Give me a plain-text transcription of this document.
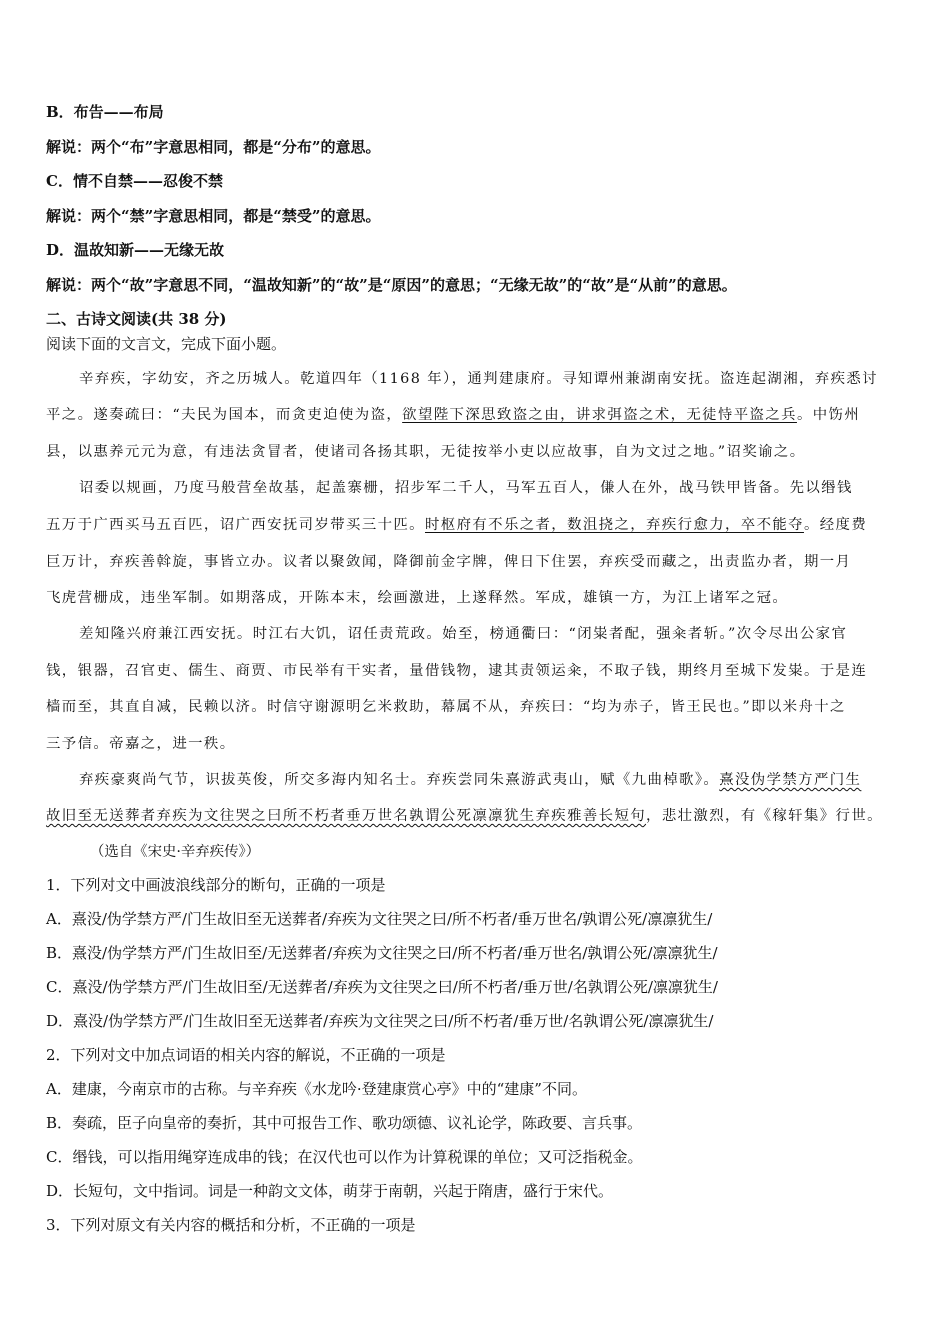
B．布告——布局
解说：两个“布”字意思相同，都是“分布”的意思。
C．情不自禁——忍俊不禁
解说：两个“禁”字意思相同，都是“禁受”的意思。
D．温故知新——无缘无故
解说：两个“故”字意思不同，“温故知新”的“故”是“原因”的意思；“无缘无故”的“故”是“从前”的意思。
二、古诗文阅读(共 38 分)
阅读下面的文言文，完成下面小题。
辛弃疾，字幼安，齐之历城人。乾道四年（1168 年），通判建康府。寻知谭州兼湖南安抚。盗连起湖湘，弃疾悉讨
平之。遂奏疏曰：“夫民为国本，而贪吏迫使为盗，欲望陛下深思致盗之由，讲求弭盗之术，无徒恃平盗之兵。中饬州
县，以惠养元元为意，有违法贪冒者，使诸司各扬其职，无徒按举小吏以应故事，自为文过之地。”诏奖谕之。
诏委以规画，乃度马般营垒故基，起盖寨栅，招步军二千人，马军五百人，傔人在外，战马铁甲皆备。先以缗钱
五万于广西买马五百匹，诏广西安抚司岁带买三十匹。时枢府有不乐之者，数沮挠之，弃疾行愈力，卒不能夺。经度费
巨万计，弃疾善斡旋，事皆立办。议者以聚敛闻，降御前金字牌，俾日下住罢，弃疾受而藏之，出责监办者，期一月
飞虎营栅成，违坐军制。如期落成，开陈本末，绘画激进，上遂释然。军成，雄镇一方，为江上诸军之冠。
差知隆兴府兼江西安抚。时江右大饥，诏任责荒政。始至，榜通衢曰：“闭粜者配，强籴者斩。”次令尽出公家官
钱，银器，召官吏、儒生、商贾、市民举有干实者，量借钱物，逮其责领运籴，不取子钱，期终月至城下发粜。于是连
樯而至，其直自减，民赖以济。时信守谢源明乞米救助，幕属不从，弃疾曰：“均为赤子，皆王民也。”即以米舟十之
三予信。帝嘉之，进一秩。
弃疾豪爽尚气节，识拔英俊，所交多海内知名士。弃疾尝同朱熹游武夷山，赋《九曲棹歌》。熹没伪学禁方严门生
故旧至无送葬者弃疾为文往哭之曰所不朽者垂万世名孰谓公死凛凛犹生弃疾雅善长短句，悲壮激烈，有《稼轩集》行世。
（选自《宋史·辛弃疾传》）
1．下列对文中画波浪线部分的断句，正确的一项是
A．熹没/伪学禁方严/门生故旧至无送葬者/弃疾为文往哭之曰/所不朽者/垂万世名/孰谓公死/凛凛犹生/
B．熹没/伪学禁方严/门生故旧至/无送葬者/弃疾为文往哭之曰/所不朽者/垂万世名/孰谓公死/凛凛犹生/
C．熹没/伪学禁方严/门生故旧至/无送葬者/弃疾为文往哭之曰/所不朽者/垂万世/名孰谓公死/凛凛犹生/
D．熹没/伪学禁方严/门生故旧至无送葬者/弃疾为文往哭之曰/所不朽者/垂万世/名孰谓公死/凛凛犹生/
2．下列对文中加点词语的相关内容的解说，不正确的一项是
A．建康，今南京市的古称。与辛弃疾《水龙吟·登建康赏心亭》中的“建康”不同。
B．奏疏，臣子向皇帝的奏折，其中可报告工作、歌功颂德、议礼论学，陈政要、言兵事。
C．缗钱，可以指用绳穿连成串的钱；在汉代也可以作为计算税课的单位；又可泛指税金。
D．长短句，文中指词。词是一种韵文文体，萌芽于南朝，兴起于隋唐，盛行于宋代。
3．下列对原文有关内容的概括和分析，不正确的一项是
